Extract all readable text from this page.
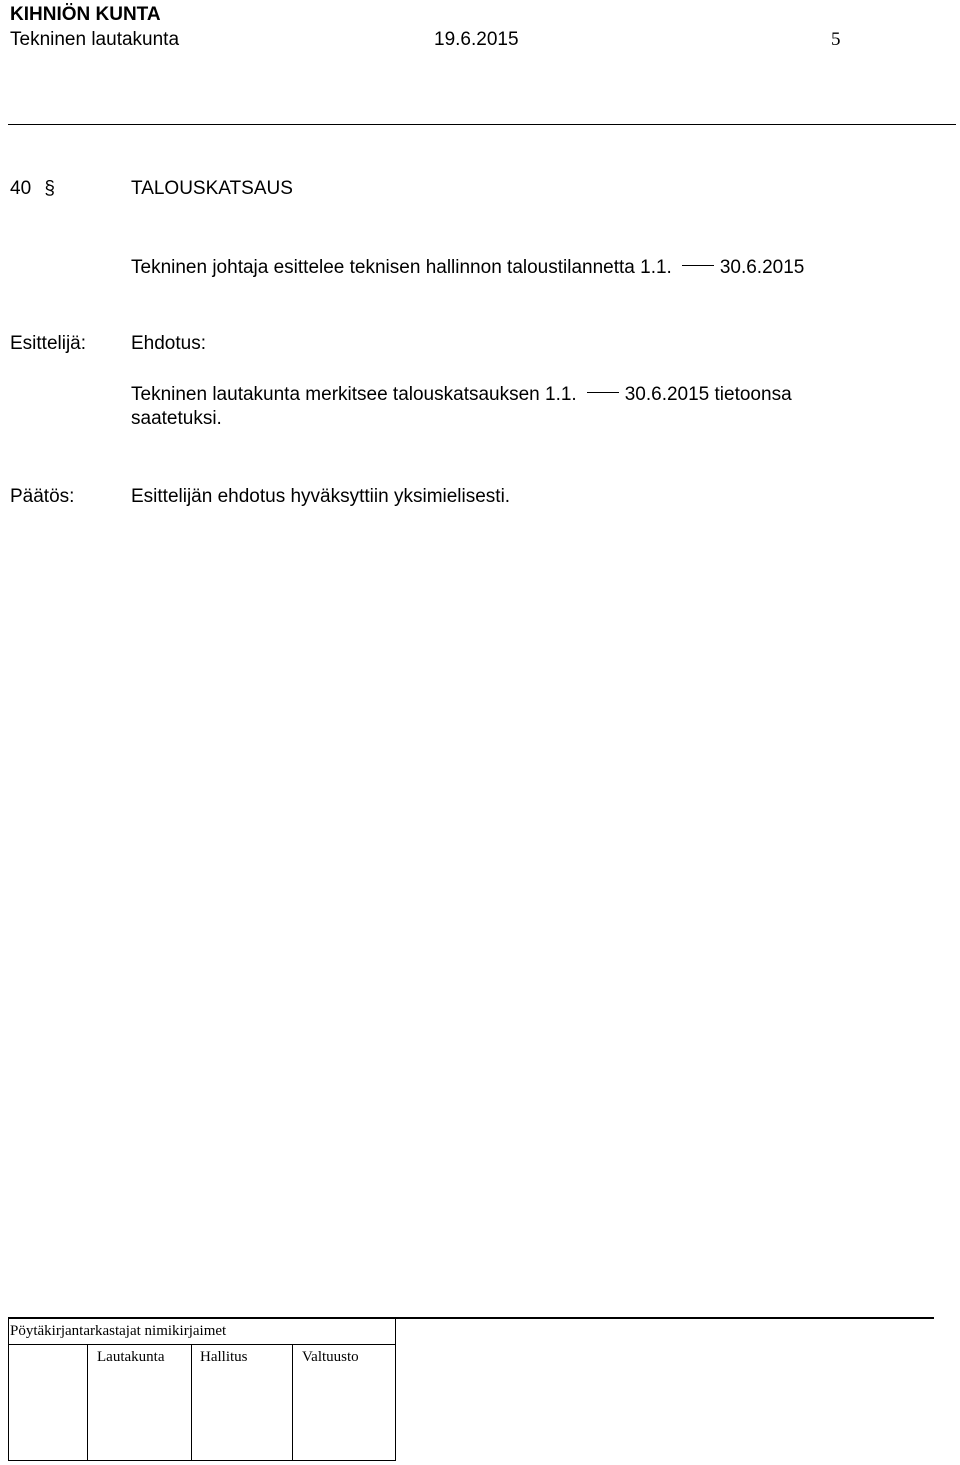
KIHNIÖN KUNTA
Tekninen lautakunta	19.6.2015	5
40 §	TALOUSKATSAUS
Tekninen johtaja esittelee teknisen hallinnon taloustilannetta 1.1.	30.6.2015
Esittelijä: Ehdotus:
Tekninen lautakunta merkitsee talouskatsauksen 1.1.	30.6.2015 tietoonsa
saatetuksi.
Päätös:	Esittelijän ehdotus hyväksyttiin yksimielisesti.
Pöytäkirjantarkastajat nimikirjaimet
Lautakunta Hallitus	Valtuusto
